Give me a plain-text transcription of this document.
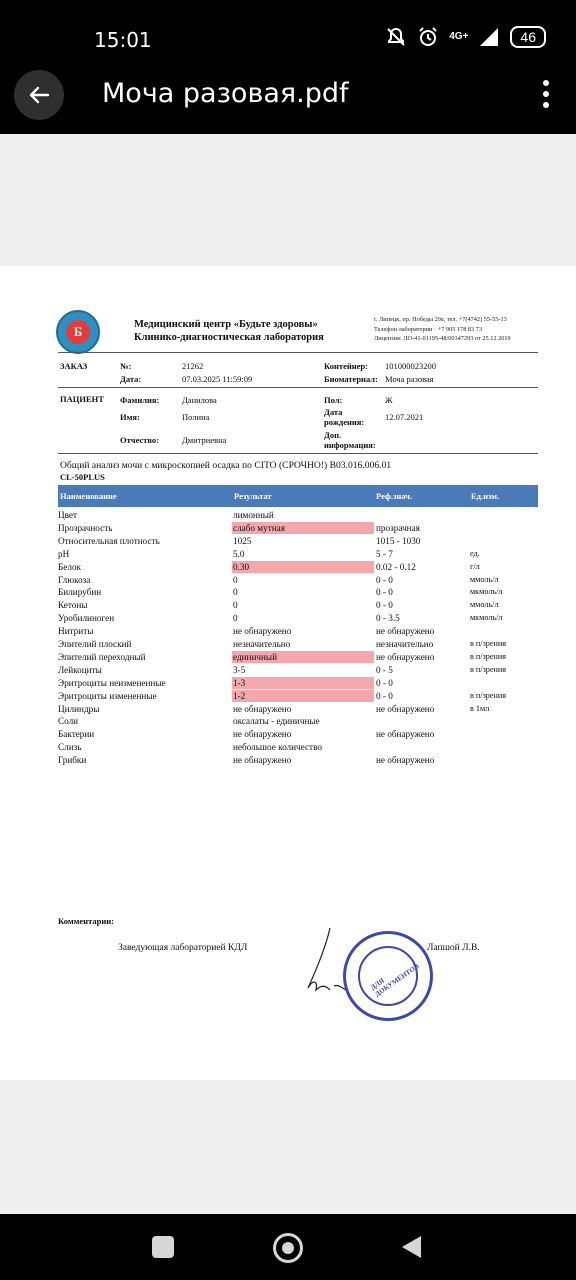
15:01	4G+	46
Моча разовая.pdf
Б	Медицинский центр «Будьте здоровы»
Клинико-диагностическая лаборатория
г. Липецк, пр. Победы 29а, тел. +7(4742) 55-55-13
Телефон лаборатории · +7 905 178 83 73
Лицензия: ЛО-41-01195-48/00347293 от 25.12.2019
ЗАКАЗ	№:	21262
Дата:	07.03.2025 11:59:09
Контейнер: 101000023200
Биоматериал: Моча разовая
ПАЦИЕНТ Фамилия:	Данилова
Имя:	Полина
Отчество:	Дмитриевна
Пол:	Ж
Дата рождения:	12.07.2021
Доп. информация:
Общий анализ мочи с микроскопией осадка по CITO (СРОЧНО!) В03.016.006.01
CL-50PLUS
Наименование	Результат	Реф.знач.	Ед.изм.
Цвет	лимонный
Прозрачность	слабо мутная	прозрачная
Относительная плотность	1025	1015 - 1030
pH	5.0	5 - 7	ед.
Белок	0.30	0.02 - 0.12	г/л
Глюкоза	0	0 - 0	ммоль/л
Билирубин	0	0 - 0	мкмоль/л
Кетоны	0	0 - 0	ммоль/л
Уробилиноген	0	0 - 3.5	мкмоль/л
Нитриты	не обнаружено	не обнаружено
Эпителий плоский	незначительно	незначительно	в п/зрения
Эпителий переходный	единичный	не обнаружено	в п/зрения
Лейкоциты	3-5	0 - 5	в п/зрения
Эритроциты неизмененные	1-3	0 - 0
Эритроциты измененные	1-2	0 - 0	в п/зрения
Цилиндры	не обнаружено	не обнаружено	в 1мл
Соли	оксалаты - единичные
Бактерии	не обнаружено	не обнаружено
Слизь	небольшое количество
Грибки	не обнаружено	не обнаружено
Комментарии:
Заведующая лабораторией КДЛ
ДЛЯ ДОКУМЕНТОВ
Лапшой Л.В.
